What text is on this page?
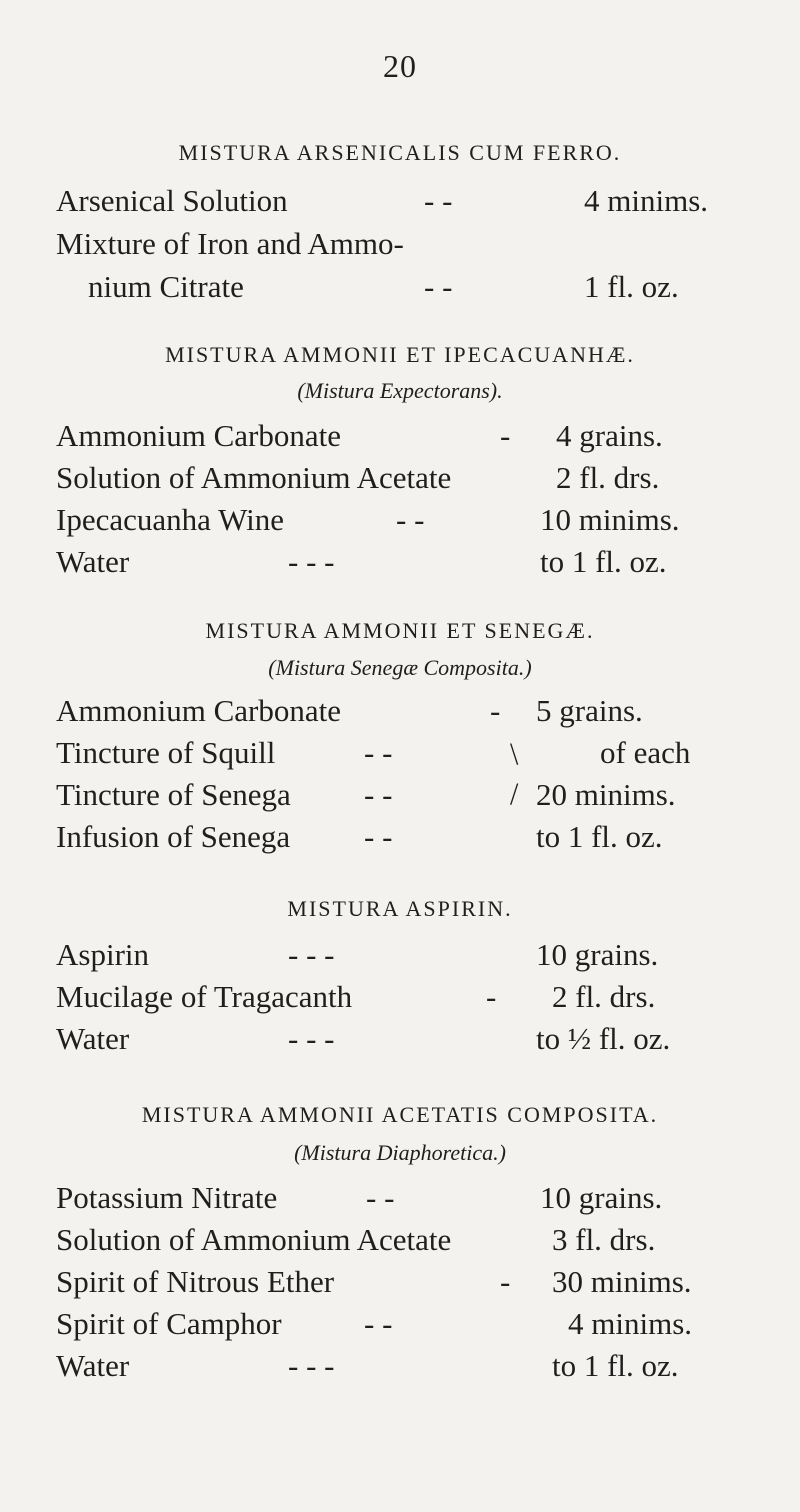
20
MISTURA ARSENICALIS CUM FERRO.
Arsenical Solution	- -	4 minims.
Mixture of Iron and Ammo-
nium Citrate	- -	1 fl. oz.
MISTURA AMMONII ET IPECACUANHÆ.
(Mistura Expectorans).
Ammonium Carbonate	- 4 grains.
Solution of Ammonium Acetate	2 fl. drs.
Ipecacuanha Wine	- -	10 minims.
Water	- - -	to 1 fl. oz.
MISTURA AMMONII ET SENEGÆ.
(Mistura Senegæ Composita.)
Ammonium Carbonate	- 5 grains.
Tincture of Squill	- -	of each
Tincture of Senega - -	20 minims.
\
/
Infusion of Senega - -	to 1 fl. oz.
MISTURA ASPIRIN.
Aspirin	- - -	10 grains.
Mucilage of Tragacanth	- 2 fl. drs.
Water	- - -	to ½ fl. oz.
MISTURA AMMONII ACETATIS COMPOSITA.
(Mistura Diaphoretica.)
Potassium Nitrate	- -	10 grains.
Solution of Ammonium Acetate	3 fl. drs.
Spirit of Nitrous Ether	- 30 minims.
Spirit of Camphor	- -	4 minims.
Water	- - -	to 1 fl. oz.
